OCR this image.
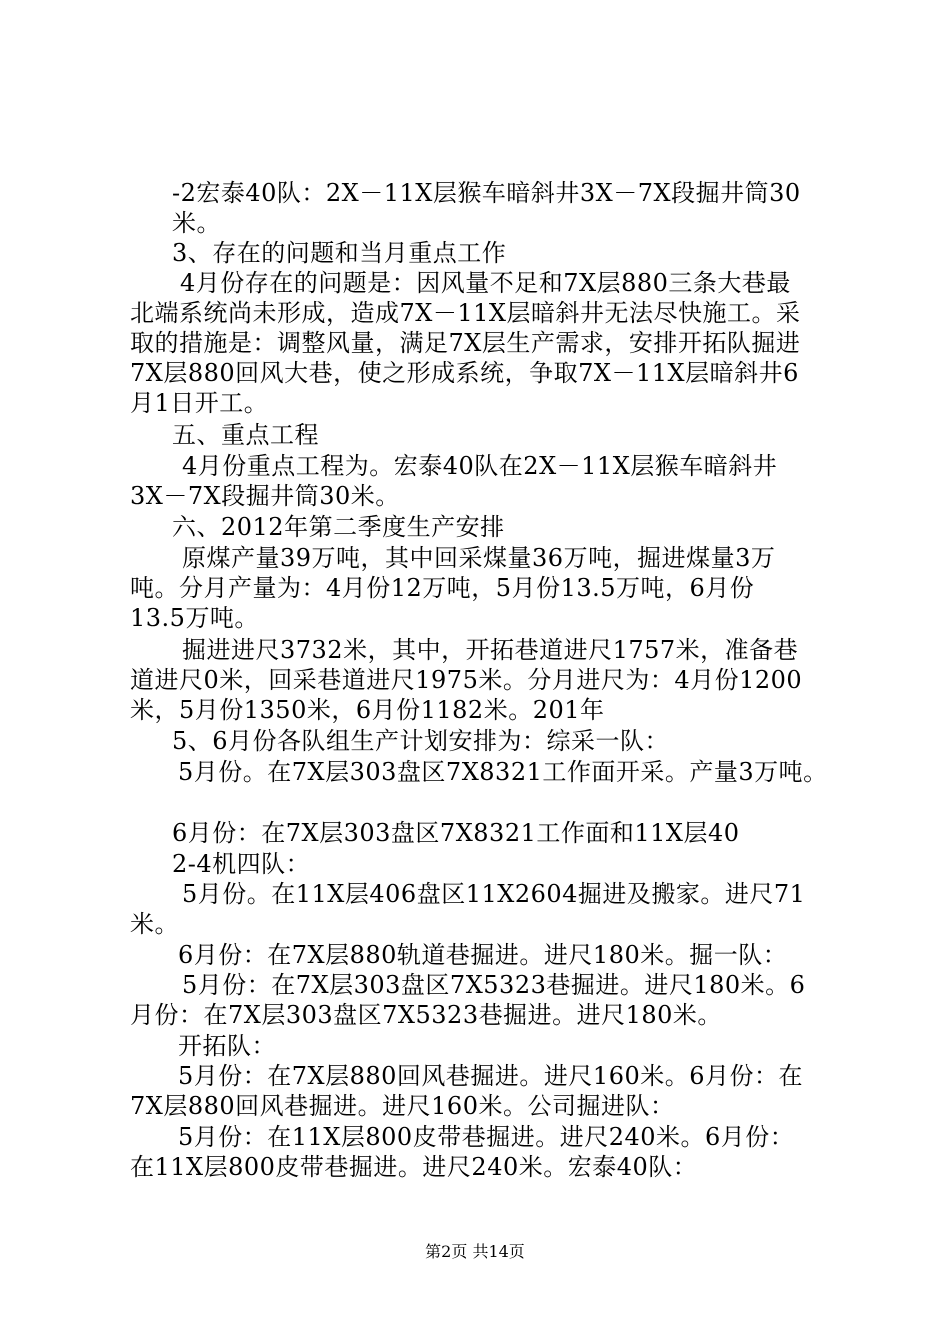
-2宏泰40队：2X－11X层猴车暗斜井3X－7X段掘井筒30
米。
3、存在的问题和当月重点工作
4月份存在的问题是：因风量不足和7X层880三条大巷最
北端系统尚未形成，造成7X－11X层暗斜井无法尽快施工。采
取的措施是：调整风量，满足7X层生产需求，安排开拓队掘进
7X层880回风大巷，使之形成系统，争取7X－11X层暗斜井6
月1日开工。
五、重点工程
4月份重点工程为。宏泰40队在2X－11X层猴车暗斜井
3X－7X段掘井筒30米。
六、2012年第二季度生产安排
原煤产量39万吨，其中回采煤量36万吨，掘进煤量3万
吨。分月产量为：4月份12万吨，5月份13.5万吨，6月份
13.5万吨。
掘进进尺3732米，其中，开拓巷道进尺1757米，准备巷
道进尺0米，回采巷道进尺1975米。分月进尺为：4月份1200
米，5月份1350米，6月份1182米。201年
5、6月份各队组生产计划安排为：综采一队：
5月份。在7X层303盘区7X8321工作面开采。产量3万吨。
6月份：在7X层303盘区7X8321工作面和11X层40
2-4机四队：
5月份。在11X层406盘区11X2604掘进及搬家。进尺71
米。
6月份：在7X层880轨道巷掘进。进尺180米。掘一队：
5月份：在7X层303盘区7X5323巷掘进。进尺180米。6
月份：在7X层303盘区7X5323巷掘进。进尺180米。
开拓队：
5月份：在7X层880回风巷掘进。进尺160米。6月份：在
7X层880回风巷掘进。进尺160米。公司掘进队：
5月份：在11X层800皮带巷掘进。进尺240米。6月份：
在11X层800皮带巷掘进。进尺240米。宏泰40队：
第2页 共14页
